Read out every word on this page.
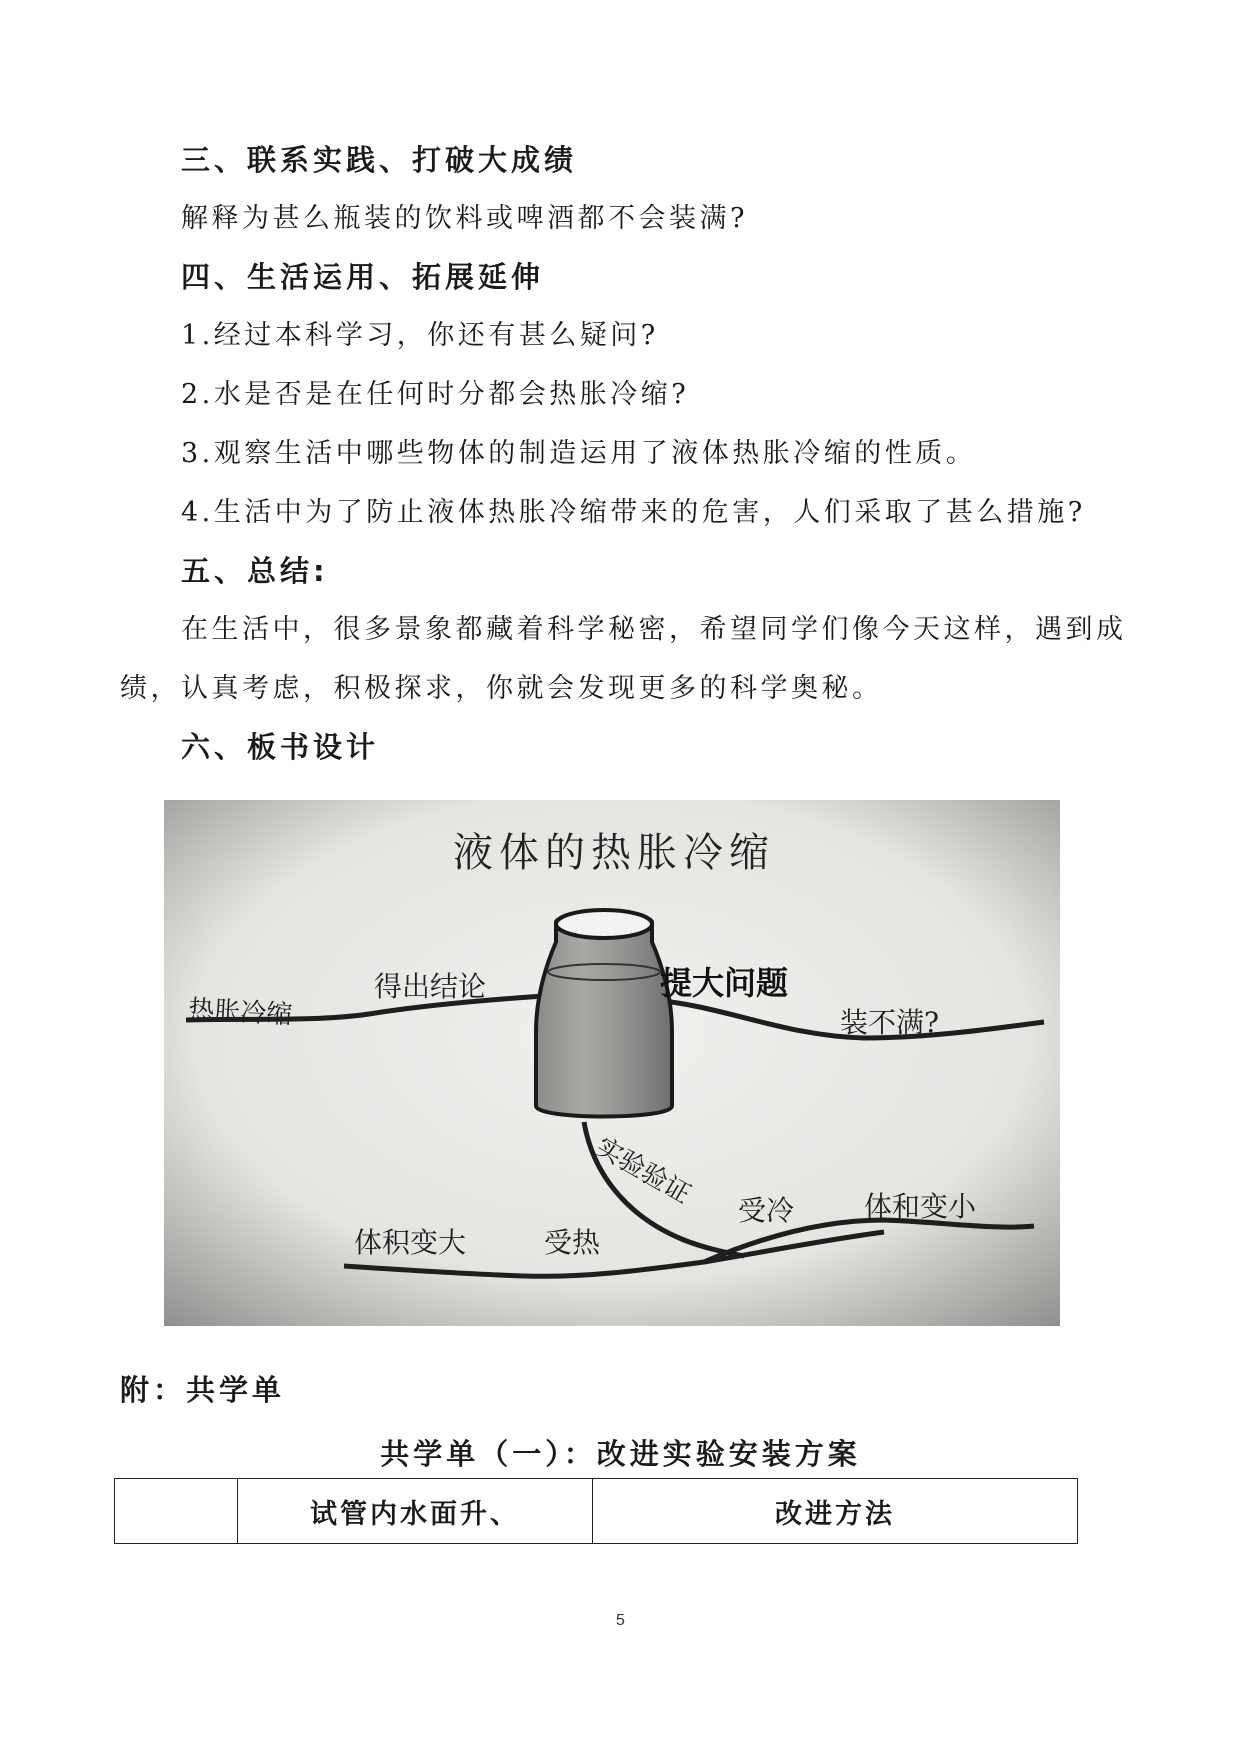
三、联系实践、打破大成绩
解释为甚么瓶装的饮料或啤酒都不会装满?
四、生活运用、拓展延伸
1.经过本科学习，你还有甚么疑问?
2.水是否是在任何时分都会热胀冷缩?
3.观察生活中哪些物体的制造运用了液体热胀冷缩的性质。
4.生活中为了防止液体热胀冷缩带来的危害，人们采取了甚么措施?
五、总结:
在生活中，很多景象都藏着科学秘密，希望同学们像今天这样，遇到成
绩，认真考虑，积极探求，你就会发现更多的科学奥秘。
六、板书设计
液体的热胀冷缩
热胀冷缩
得出结论	提大问题
装不满?
实验验证
体积变大	受热
受冷 体和变小
附：共学单
共学单（一）：改进实验安装方案
	试管内水面升、	改进方法
5
